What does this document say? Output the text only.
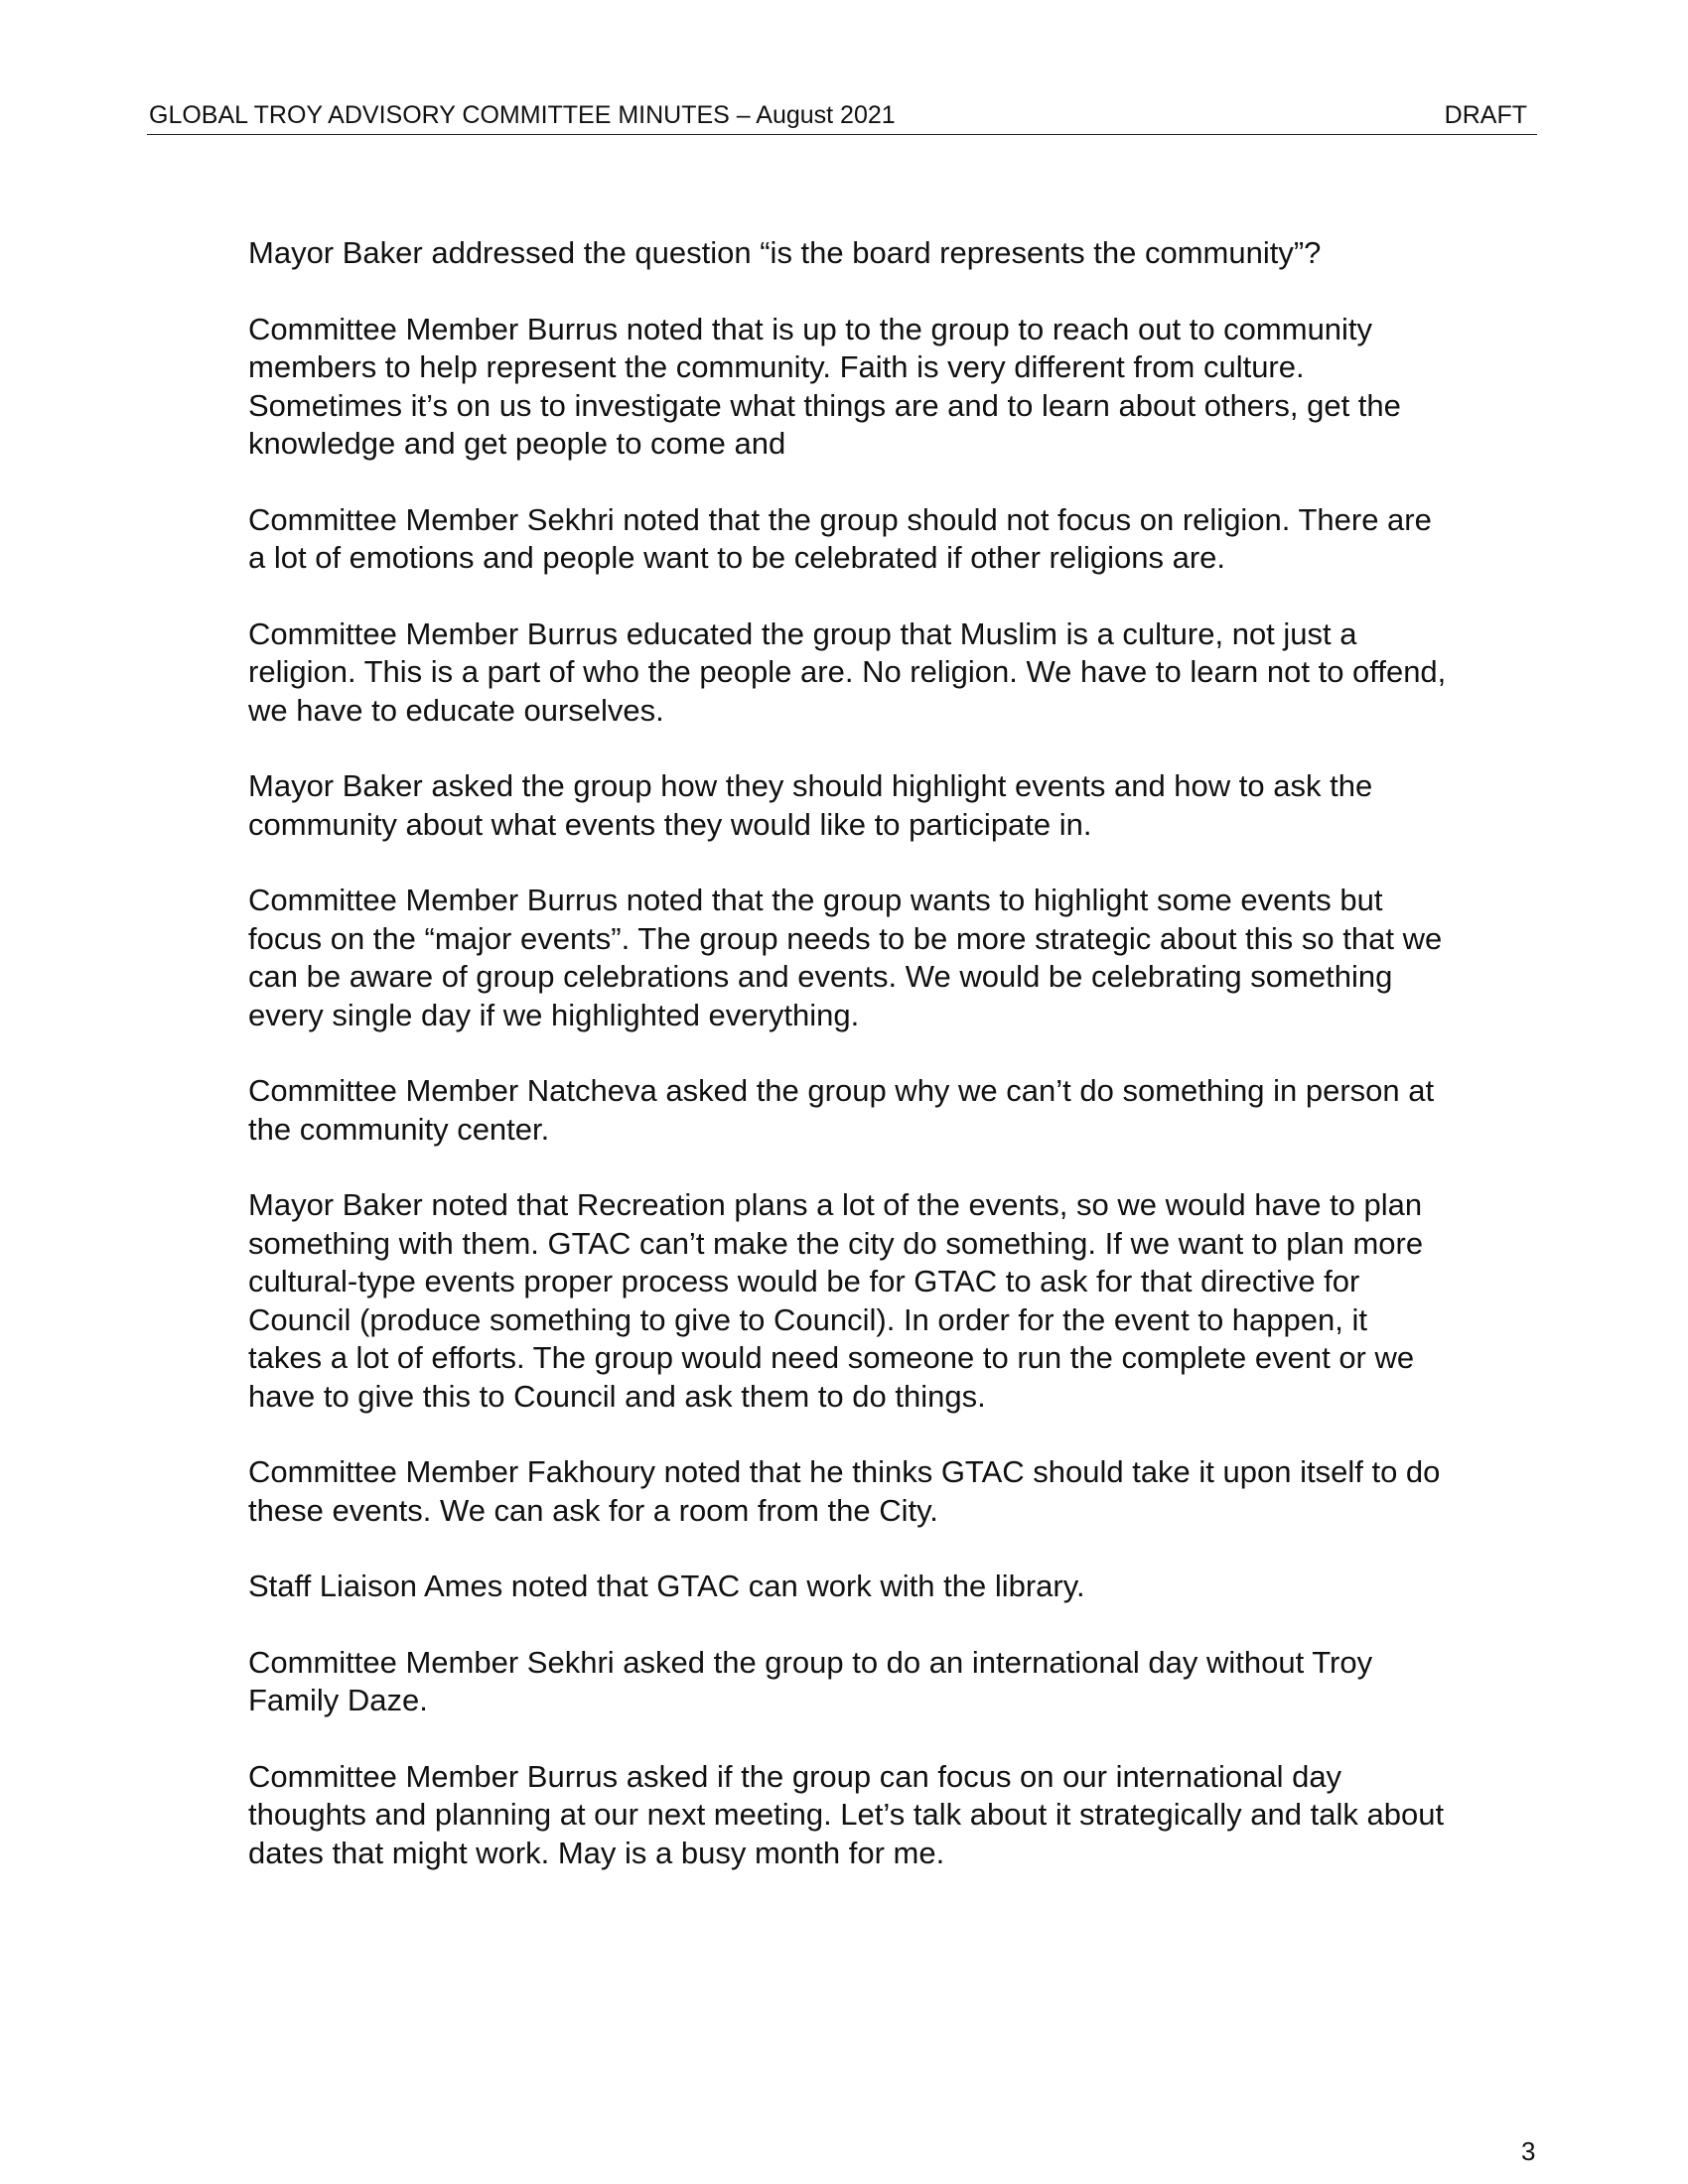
GLOBAL TROY ADVISORY COMMITTEE MINUTES – August 2021	DRAFT

Mayor Baker addressed the question “is the board represents the community”?

Committee Member Burrus noted that is up to the group to reach out to community
members to help represent the community. Faith is very different from culture.
Sometimes it’s on us to investigate what things are and to learn about others, get the
knowledge and get people to come and

Committee Member Sekhri noted that the group should not focus on religion. There are
a lot of emotions and people want to be celebrated if other religions are.

Committee Member Burrus educated the group that Muslim is a culture, not just a
religion. This is a part of who the people are. No religion. We have to learn not to offend,
we have to educate ourselves.

Mayor Baker asked the group how they should highlight events and how to ask the
community about what events they would like to participate in.

Committee Member Burrus noted that the group wants to highlight some events but
focus on the “major events”. The group needs to be more strategic about this so that we
can be aware of group celebrations and events. We would be celebrating something
every single day if we highlighted everything.

Committee Member Natcheva asked the group why we can’t do something in person at
the community center.

Mayor Baker noted that Recreation plans a lot of the events, so we would have to plan
something with them. GTAC can’t make the city do something. If we want to plan more
cultural-type events proper process would be for GTAC to ask for that directive for
Council (produce something to give to Council). In order for the event to happen, it
takes a lot of efforts. The group would need someone to run the complete event or we
have to give this to Council and ask them to do things.

Committee Member Fakhoury noted that he thinks GTAC should take it upon itself to do
these events. We can ask for a room from the City.

Staff Liaison Ames noted that GTAC can work with the library.

Committee Member Sekhri asked the group to do an international day without Troy
Family Daze.

Committee Member Burrus asked if the group can focus on our international day
thoughts and planning at our next meeting. Let’s talk about it strategically and talk about
dates that might work. May is a busy month for me.

3
